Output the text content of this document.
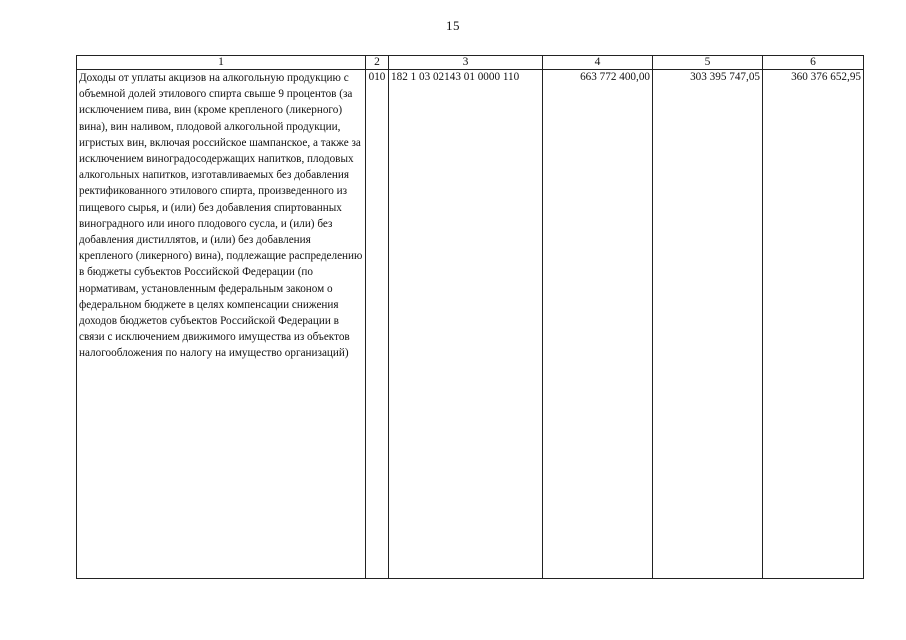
15
1	2	3	4	5	6
Доходы от уплаты акцизов на алкогольную продукцию с объемной долей этилового спирта свыше 9 процентов (за исключением пива, вин (кроме крепленого (ликерного) вина), вин наливом, плодовой алкогольной продукции, игристых вин, включая российское шампанское, а также за исключением виноградосодержащих напитков, плодовых алкогольных напитков, изготавливаемых без добавления ректификованного этилового спирта, произведенного из пищевого сырья, и (или) без добавления спиртованных виноградного или иного плодового сусла, и (или) без добавления дистиллятов, и (или) без добавления крепленого (ликерного) вина), подлежащие распределению в бюджеты субъектов Российской Федерации (по нормативам, установленным федеральным законом о федеральном бюджете в целях компенсации снижения доходов бюджетов субъектов Российской Федерации в связи с исключением движимого имущества из объектов налогообложения по налогу на имущество организаций)	010	182 1 03 02143 01 0000 110	663 772 400,00	303 395 747,05	360 376 652,95
